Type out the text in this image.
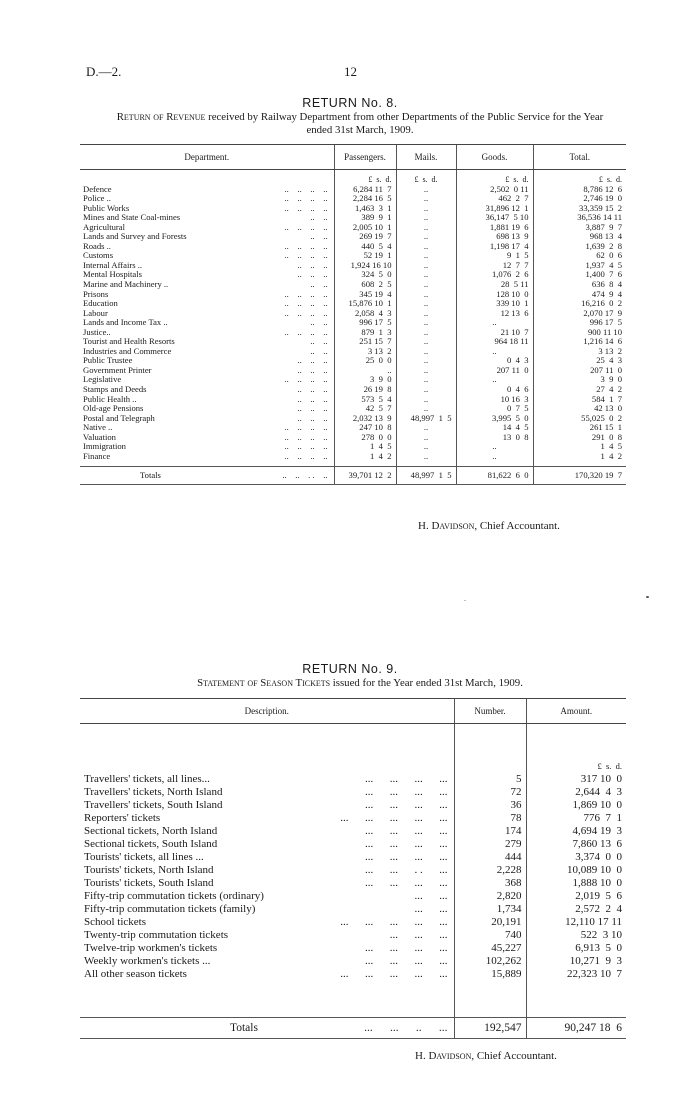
D.—2.	12
RETURN No. 8.
Return of Revenue received by Railway Department from other Departments of the Public Service for the Year ended 31st March, 1909.
Department.	Passengers.	Mails.	Goods.	Total.

	£  s.  d.	£  s.  d.	£  s.  d.	£  s.  d.
Defence ..    ..    ..    ..	6,284 11  7	..	2,502  0 11	8,786 12  6
Police .. ..    ..    ..    ..	2,284 16  5	..	462  2  7	2,746 19  0
Public Works ..    ..    ..    ..	1,463  3  1	..	31,896 12  1	33,359 15  2
Mines and State Coal-mines ..    ..	389  9  1	..	36,147  5 10	36,536 14 11
Agricultural ..    ..    ..    ..	2,005 10  1	..	1,881 19  6	3,887  9  7
Lands and Survey and Forests ..    ..	269 19  7	..	698 13  9	968 13  4
Roads .. ..    ..    ..    ..	440  5  4	..	1,198 17  4	1,639  2  8
Customs ..    ..    ..    ..	52 19  1	..	9  1  5	62  0  6
Internal Affairs .. ..    ..    ..	1,924 16 10	..	12  7  7	1,937  4  5
Mental Hospitals ..    ..    ..	324  5  0	..	1,076  2  6	1,400  7  6
Marine and Machinery .. ..    ..	608  2  5	..	28  5 11	636  8  4
Prisons ..    ..    ..    ..	345 19  4	..	128 10  0	474  9  4
Education ..    ..    ..    ..	15,876 10  1	..	339 10  1	16,216  0  2
Labour ..    ..    ..    ..	2,058  4  3	..	12 13  6	2,070 17  9
Lands and Income Tax .. ..    ..	996 17  5	..	..	996 17  5
Justice.. ..    ..    ..    ..	879  1  3	..	21 10  7	900 11 10
Tourist and Health Resorts ..    ..	251 15  7	..	964 18 11	1,216 14  6
Industries and Commerce ..    ..	3 13  2	..	..	3 13  2
Public Trustee ..    ..    ..	25  0  0	..	0  4  3	25  4  3
Government Printer ..    ..    ..	..	..	207 11  0	207 11  0
Legislative ..    ..    ..    ..	3  9  0	..	..	3  9  0
Stamps and Deeds ..    ..    ..	26 19  8	..	0  4  6	27  4  2
Public Health .. ..    ..    ..	573  5  4	..	10 16  3	584  1  7
Old-age Pensions ..    ..    ..	42  5  7	..	0  7  5	42 13  0
Postal and Telegraph ..    ..    ..	2,032 13  9	48,997  1  5	3,995  5  0	55,025  0  2
Native .. ..    ..    ..    ..	247 10  8	..	14  4  5	261 15  1
Valuation ..    ..    ..    ..	278  0  0	..	13  0  8	291  0  8
Immigration ..    ..    ..    ..	1  4  5	..	..	1  4  5
Finance ..    ..    ..    ..	1  4  2	..	..	1  4  2

Totals ..    ..    . .    ..	39,701 12  2	48,997  1  5	81,622  6  0	170,320 19  7
H. Davidson, Chief Accountant.
RETURN No. 9.
Statement of Season Tickets issued for the Year ended 31st March, 1909.
Description.	Number.	Amount.

		£  s.  d.
Travellers' tickets, all lines... ...      ...      ...      ...	5	317 10  0
Travellers' tickets, North Island ...      ...      ...      ...	72	2,644  4  3
Travellers' tickets, South Island ...      ...      ...      ...	36	1,869 10  0
Reporters' tickets ...      ...      ...      ...      ...	78	776  7  1
Sectional tickets, North Island ...      ...      ...      ...	174	4,694 19  3
Sectional tickets, South Island ...      ...      ...      ...	279	7,860 13  6
Tourists' tickets, all lines ... ...      ...      ...      ...	444	3,374  0  0
Tourists' tickets, North Island ...      ...      . .      ...	2,228	10,089 10  0
Tourists' tickets, South Island ...      ...      ...      ...	368	1,888 10  0
Fifty-trip commutation tickets (ordinary) ...      ...	2,820	2,019  5  6
Fifty-trip commutation tickets (family) ...      ...	1,734	2,572  2  4
School tickets ...      ...      ...      ...      ...	20,191	12,110 17 11
Twenty-trip commutation tickets ...      ...      ...	740	522  3 10
Twelve-trip workmen's tickets ...      ...      ...      ...	45,227	6,913  5  0
Weekly workmen's tickets ... ...      ...      ...      ...	102,262	10,271  9  3
All other season tickets ...      ...      ...      ...      ...	15,889	22,323 10  7

Totals ...      ...      ..      ...	192,547	90,247 18  6
H. Davidson, Chief Accountant.
